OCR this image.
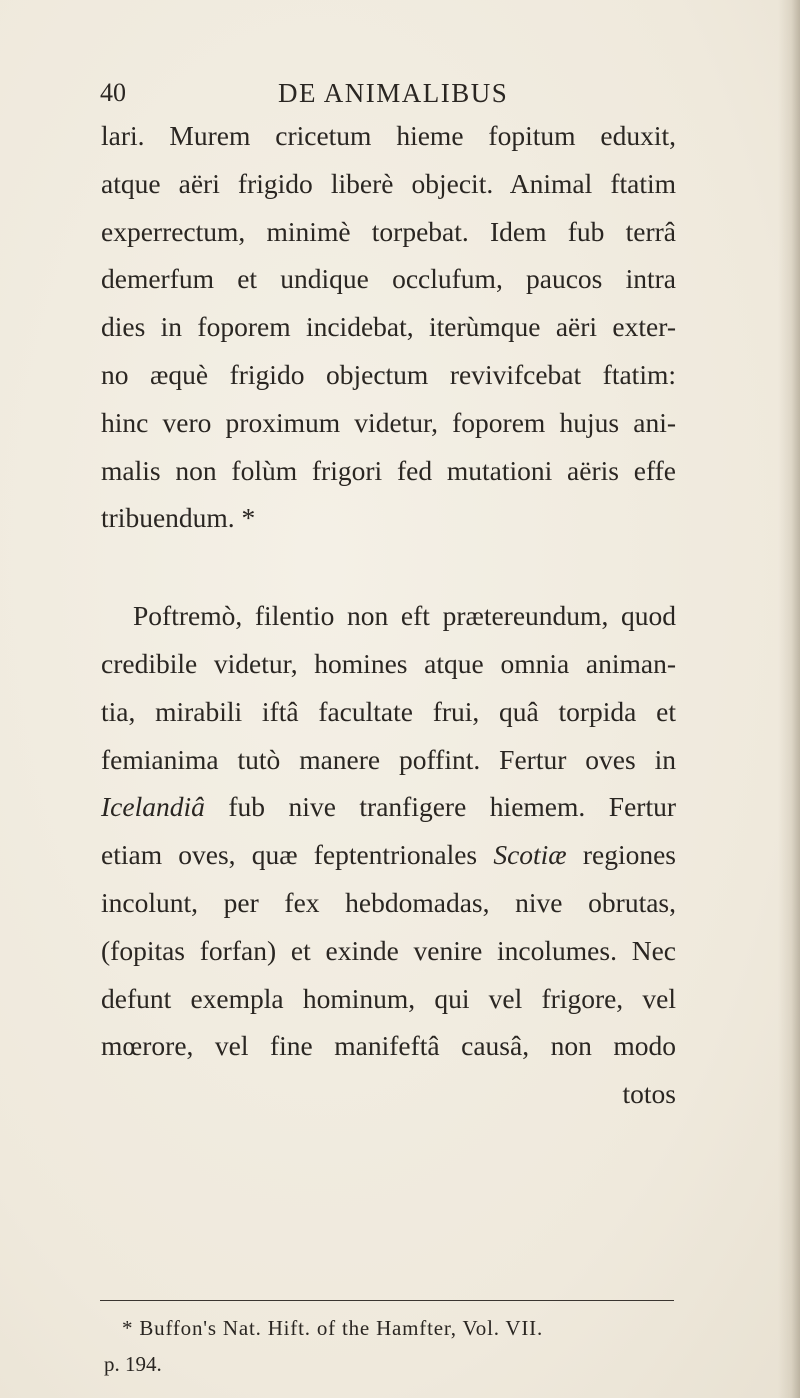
40	DE ANIMALIBUS
lari. Murem cricetum hieme fopitum eduxit,
atque aëri frigido liberè objecit. Animal ftatim
experrectum, minimè torpebat. Idem fub terrâ
demerfum et undique occlufum, paucos intra
dies in foporem incidebat, iterùmque aëri exter-
no æquè frigido objectum revivifcebat ftatim:
hinc vero proximum videtur, foporem hujus ani-
malis non folùm frigori fed mutationi aëris effe
tribuendum. *
Poftremò, filentio non eft prætereundum, quod
credibile videtur, homines atque omnia animan-
tia, mirabili iftâ facultate frui, quâ torpida et
femianima tutò manere poffint. Fertur oves in
Icelandiâ fub nive tranfigere hiemem. Fertur
etiam oves, quæ feptentrionales Scotiæ regiones
incolunt, per fex hebdomadas, nive obrutas,
(fopitas forfan) et exinde venire incolumes. Nec
defunt exempla hominum, qui vel frigore, vel
mœrore, vel fine manifeftâ causâ, non modo
totos
* Buffon's Nat. Hift. of the Hamfter, Vol. VII.
p. 194.
